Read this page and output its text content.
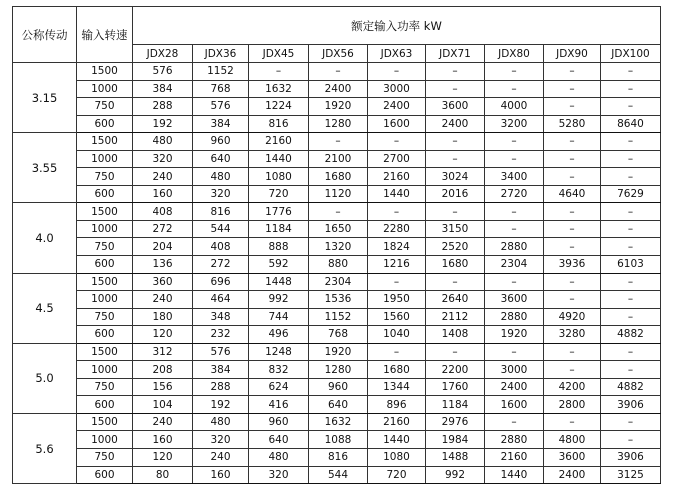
公称传动	输入转速	额定输入功率 kW								
		JDX28	JDX36	JDX45	JDX56	JDX63	JDX71	JDX80	JDX90	JDX100
3.15	1500	576	1152	–	–	–	–	–	–	–
	1000	384	768	1632	2400	3000	–	–	–	–
	750	288	576	1224	1920	2400	3600	4000	–	–
	600	192	384	816	1280	1600	2400	3200	5280	8640
3.55	1500	480	960	2160	–	–	–	–	–	–
	1000	320	640	1440	2100	2700	–	–	–	–
	750	240	480	1080	1680	2160	3024	3400	–	–
	600	160	320	720	1120	1440	2016	2720	4640	7629
4.0	1500	408	816	1776	–	–	–	–	–	–
	1000	272	544	1184	1650	2280	3150	–	–	–
	750	204	408	888	1320	1824	2520	2880	–	–
	600	136	272	592	880	1216	1680	2304	3936	6103
4.5	1500	360	696	1448	2304	–	–	–	–	–
	1000	240	464	992	1536	1950	2640	3600	–	–
	750	180	348	744	1152	1560	2112	2880	4920	–
	600	120	232	496	768	1040	1408	1920	3280	4882
5.0	1500	312	576	1248	1920	–	–	–	–	–
	1000	208	384	832	1280	1680	2200	3000	–	–
	750	156	288	624	960	1344	1760	2400	4200	4882
	600	104	192	416	640	896	1184	1600	2800	3906
5.6	1500	240	480	960	1632	2160	2976	–	–	–
	1000	160	320	640	1088	1440	1984	2880	4800	–
	750	120	240	480	816	1080	1488	2160	3600	3906
	600	80	160	320	544	720	992	1440	2400	3125
